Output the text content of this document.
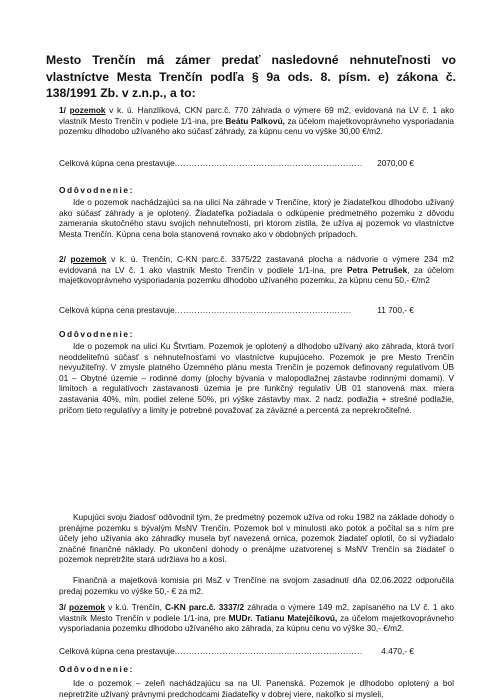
Mesto Trenčín má zámer predať nasledovné nehnuteľnosti vo vlastníctve Mesta Trenčín podľa § 9a ods. 8. písm. e) zákona č. 138/1991 Zb. v z.n.p., a to:
1/ pozemok v k. ú. Hanzlíková, CKN parc.č. 770 záhrada o výmere 69 m2, evidovaná na LV č. 1 ako vlastník Mesto Trenčín v podiele 1/1-ina, pre Beátu Palkovú, za účelom majetkovoprávneho vysporiadania pozemku dlhodobo užívaného ako súčasť záhrady, za kúpnu cenu vo výške 30,00 €/m2.
Celková kúpna cena prestavuje ...................................................................	2070,00 €
Odôvodnenie:
Ide o pozemok nachádzajúci sa na ulici Na záhrade v Trenčíne, ktorý je žiadateľkou dlhodobo užívaný ako súčasť záhrady a je oplotený. Žiadateľka požiadala o odkúpenie predmetného pozemku z dôvodu zamerania skutočného stavu svojich nehnuteľností, pri ktorom zistila, že užíva aj pozemok vo vlastníctve Mesta Trenčín. Kúpna cena bola stanovená rovnako ako v obdobných prípadoch.
2/ pozemok v k. ú. Trenčín, C-KN parc.č. 3375/22 zastavaná plocha a nádvorie o výmere 234 m2 evidovaná na LV č. 1 ako vlastník Mesto Trenčín v podiele 1/1-ina, pre Petra Petrušek, za účelom majetkovoprávneho vysporiadania pozemku dlhodobo užívaného pozemku, za kúpnu cenu 50,- €/m2
Celková kúpna cena prestavuje ...............................................................	11 700,- €
Odôvodnenie:
Ide o pozemok na ulici Ku Štvrtiam. Pozemok je oplotený a dlhodobo užívaný ako záhrada, ktorá tvorí neoddeliteľnú súčasť s nehnuteľnosťami vo vlastníctve kupujúceho. Pozemok je pre Mesto Trenčín nevyužiteľný. V zmysle platného Územného plánu mesta Trenčín je pozemok definovaný regulatívom ÚB 01 – Obytné územie – rodinné domy (plochy bývania v malopodlažnej zástavbe rodinnými domami). V limitoch a regulatívoch zastavanosti územia je pre funkčný regulatív ÚB 01 stanovená max. miera zastavania 40%, min. podiel zelene 50%, pri výške zástavby max. 2 nadz. podlažia + strešné podlažie, pričom tieto regulatívy a limity je potrebné považovať za záväzné a percentá za neprekročiteľné.
Kupujúci svoju žiadosť odôvodnil tým, že predmetný pozemok užíva od roku 1982 na základe dohody o prenájme pozemku s bývalým MsNV Trenčín. Pozemok bol v minulosti ako potok a počítal sa s ním pre účely jeho užívania ako záhradky musela byť navezená ornica, pozemok žiadateľ oplotil, čo si vyžiadalo značné finančné náklady. Po ukončení dohody o prenájme uzatvorenej s MsNV Trenčín sa žiadateľ o pozemok nepretržite stará udržiava ho a kosí.
Finančná a majetková komisia pri MsZ v Trenčíne na svojom zasadnutí dňa 02.06.2022 odporučila predaj pozemku vo výške 50,- € za m2.
3/ pozemok v k.ú. Trenčín, C-KN parc.č. 3337/2 záhrada o výmere 149 m2, zapísaného na LV č. 1 ako vlastník Mesto Trenčín v podiele 1/1-ina, pre MUDr. Tatianu Matejčíkovú, za účelom majetkovoprávneho vysporiadania pozemku dlhodobo užívaného ako záhrada, za kúpnu cenu vo výške 30,- €/m2.
Celková kúpna cena prestavuje ...................................................................	4.470,- €
Odôvodnenie:
Ide o pozemok – zeleň nachádzajúcu sa na Ul. Panenská. Pozemok je dlhodobo oplotený a bol nepretržite užívaný právnymi predchodcami žiadateľky v dobrej viere, nakoľko si mysleli,
